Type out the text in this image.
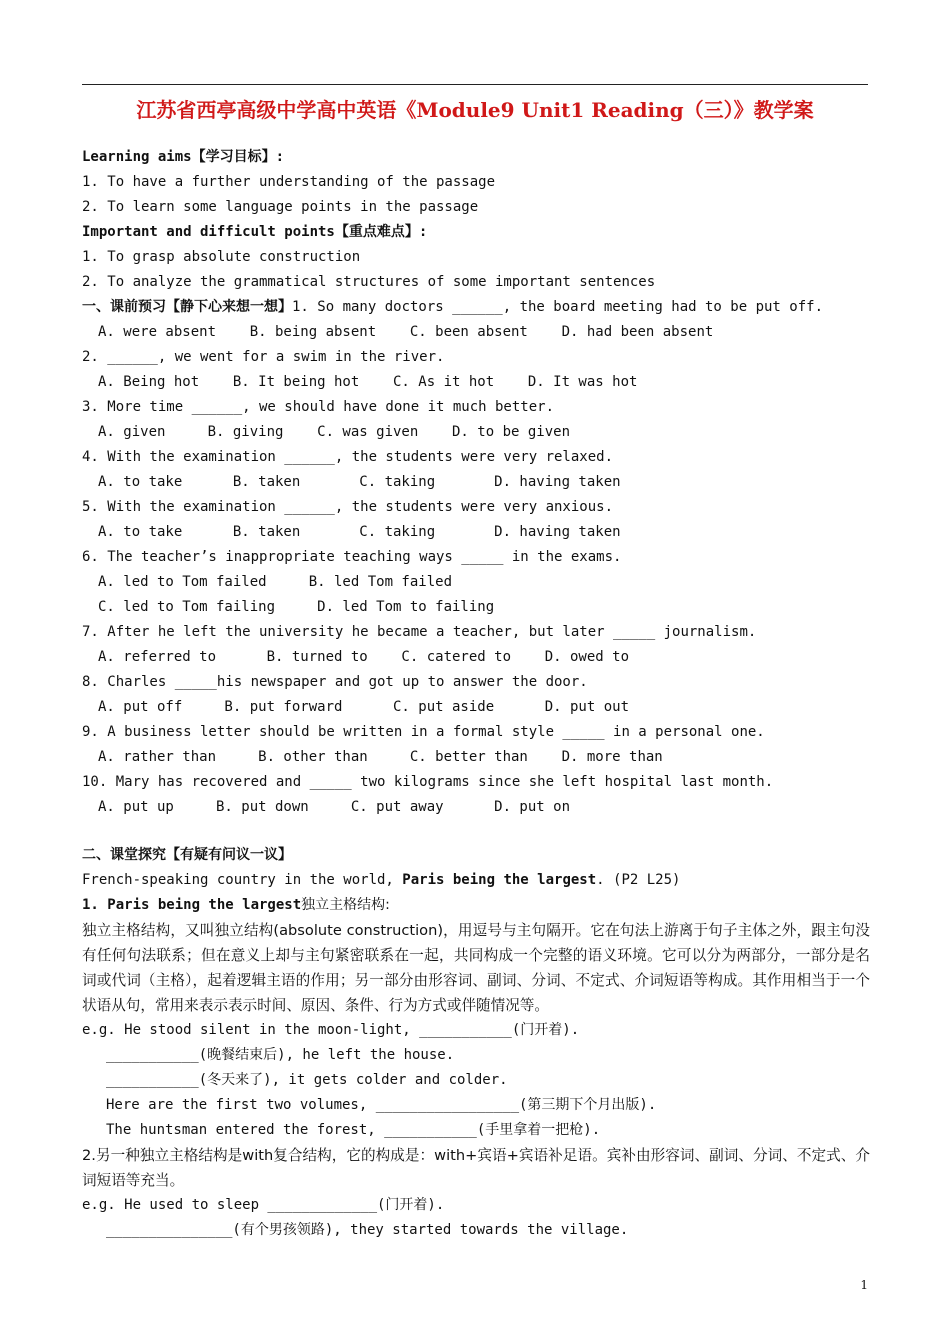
江苏省西亭高级中学高中英语《Module9 Unit1 Reading（三）》教学案
Learning aims【学习目标】:
1. To have a further understanding of the passage
2. To learn some language points in the passage
Important and difficult points【重点难点】:
1. To grasp absolute construction
2. To analyze the grammatical structures of some important sentences
一、课前预习【静下心来想一想】1. So many doctors ______, the board meeting had to be put off.
A. were absent    B. being absent    C. been absent    D. had been absent
2. ______, we went for a swim in the river.
A. Being hot    B. It being hot    C. As it hot    D. It was hot
3. More time ______, we should have done it much better.
A. given     B. giving    C. was given    D. to be given
4. With the examination ______, the students were very relaxed.
A. to take      B. taken       C. taking       D. having taken
5. With the examination ______, the students were very anxious.
A. to take      B. taken       C. taking       D. having taken
6. The teacher’s inappropriate teaching ways _____ in the exams.
A. led to Tom failed     B. led Tom failed
C. led to Tom failing     D. led Tom to failing
7. After he left the university he became a teacher, but later _____ journalism.
A. referred to      B. turned to    C. catered to    D. owed to
8. Charles _____his newspaper and got up to answer the door.
A. put off     B. put forward      C. put aside      D. put out
9. A business letter should be written in a formal style _____ in a personal one.
A. rather than     B. other than     C. better than    D. more than
10. Mary has recovered and _____ two kilograms since she left hospital last month.
A. put up     B. put down     C. put away      D. put on
二、课堂探究【有疑有问议一议】
French-speaking country in the world, Paris being the largest. (P2 L25)
1. Paris being the largest独立主格结构:
独立主格结构，又叫独立结构(absolute construction)，用逗号与主句隔开。它在句法上游离于句子主体之外，跟主句没有任何句法联系；但在意义上却与主句紧密联系在一起，共同构成一个完整的语义环境。它可以分为两部分，一部分是名词或代词（主格），起着逻辑主语的作用；另一部分由形容词、副词、分词、不定式、介词短语等构成。其作用相当于一个状语从句，常用来表示表示时间、原因、条件、行为方式或伴随情况等。
e.g. He stood silent in the moon-light, ___________(门开着).
___________(晚餐结束后), he left the house.
___________(冬天来了), it gets colder and colder.
Here are the first two volumes, _________________(第三期下个月出版).
The huntsman entered the forest, ___________(手里拿着一把枪).
2.另一种独立主格结构是with复合结构，它的构成是：with+宾语+宾语补足语。宾补由形容词、副词、分词、不定式、介词短语等充当。
e.g. He used to sleep _____________(门开着).
_______________(有个男孩领路), they started towards the village.
1
